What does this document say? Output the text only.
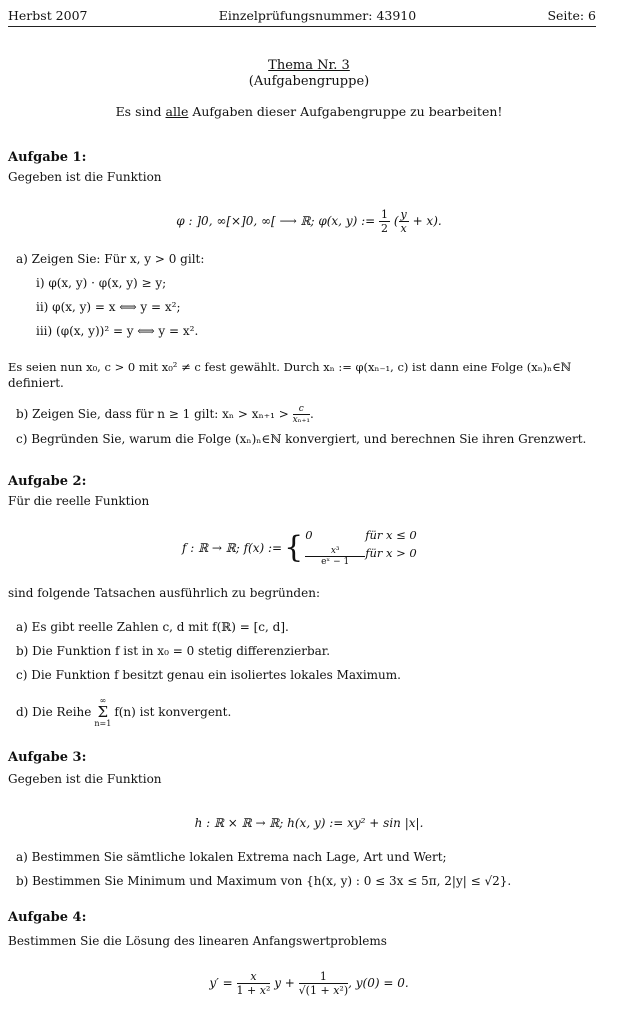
Herbst 2007	Einzelprüfungsnummer: 43910	Seite: 6
Thema Nr. 3
(Aufgabengruppe)
Es sind alle Aufgaben dieser Aufgabengruppe zu bearbeiten!
Aufgabe 1:
Gegeben ist die Funktion
φ : ]0, ∞[×]0, ∞[ ⟶ ℝ; φ(x, y) := $\frac{1}{2}$ ( $\frac{y}{x} + x$).
a) Zeigen Sie: Für x, y > 0 gilt:
i) φ(x, y) · φ(x, y) ≥ y;
ii) φ(x, y) = x ⟺ y = x²;
iii) (φ(x, y))² = y ⟺ y = x².
Es seien nun x₀, c > 0 mit x₀² ≠ c fest gewählt. Durch xₙ := φ(xₙ₋₁, c) ist dann eine Folge (xₙ)ₙ∈ℕ
definiert.
b) Zeigen Sie, dass für n ≥ 1 gilt: $x_n > x_{n+1} > \frac{c}{\text{xₙ₊₁}}$ .
c) Begründen Sie, warum die Folge (xₙ)ₙ∈ℕ konvergiert, und berechnen Sie ihren Grenzwert.
Aufgabe 2:
Für die reelle Funktion
f : ℝ → ℝ; f(x) := { 0	für x ≤ 0
$\frac{\text{x³}}{\text{eˣ − 1}}$ für x > 0
sind folgende Tatsachen ausführlich zu begründen:
a) Es gibt reelle Zahlen c, d mit f(ℝ) = [c, d].
b) Die Funktion f ist in x₀ = 0 stetig differenzierbar.
c) Die Funktion f besitzt genau ein isoliertes lokales Maximum.
d) Die Reihe
∞
Σ
n=1
f(n) ist konvergent.
Aufgabe 3:
Gegeben ist die Funktion
h : ℝ × ℝ → ℝ; h(x, y) := xy² + sin |x|.
a) Bestimmen Sie sämtliche lokalen Extrema nach Lage, Art und Wert;
b) Bestimmen Sie Minimum und Maximum von {h(x, y) : 0 ≤ 3x ≤ 5π, 2|y| ≤ √2}.
Aufgabe 4:
Bestimmen Sie die Lösung des linearen Anfangswertproblems
$y' = \frac{x}{\text{1 + x²}}$ $y + \frac{1}{\text{√(1 + x²)}}$ , y(0) = 0.
